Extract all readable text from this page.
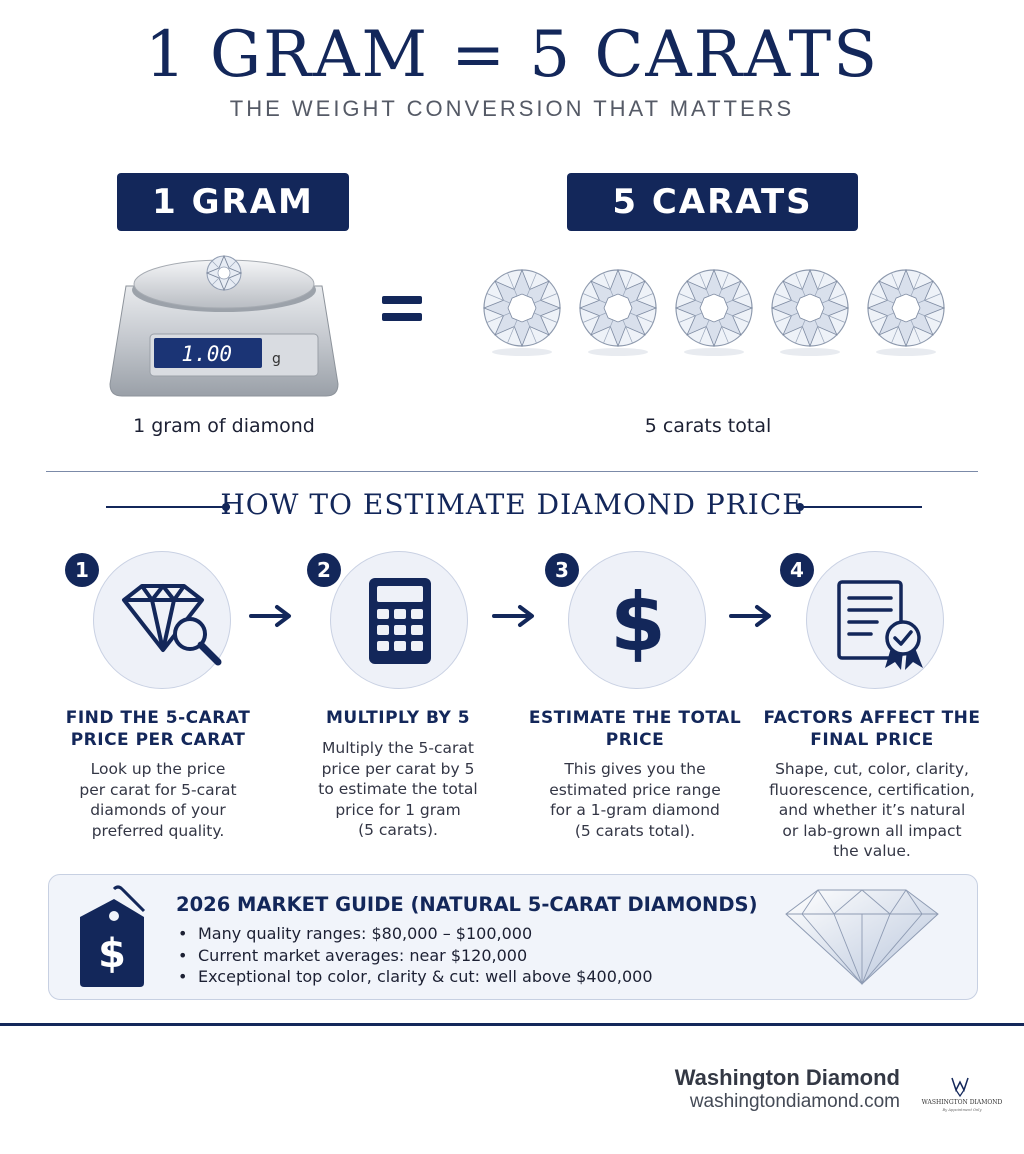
1 GRAM = 5 CARATS
THE WEIGHT CONVERSION THAT MATTERS
1 GRAM	5 CARATS
1.00	g
1 gram of diamond	5 carats total
HOW TO ESTIMATE DIAMOND PRICE
1
FIND THE 5-CARAT PRICE PER CARAT
Look up the price
per carat for 5-carat
diamonds of your
preferred quality.
2
MULTIPLY BY 5
Multiply the 5-carat
price per carat by 5
to estimate the total
price for 1 gram
(5 carats).
$
3
ESTIMATE THE TOTAL PRICE
This gives you the
estimated price range
for a 1-gram diamond
(5 carats total).
4
FACTORS AFFECT THE FINAL PRICE
Shape, cut, color, clarity,
fluorescence, certification,
and whether it’s natural
or lab-grown all impact
the value.
$
2026 MARKET GUIDE (NATURAL 5-CARAT DIAMONDS)
• Many quality ranges: $80,000 – $100,000
• Current market averages: near $120,000
• Exceptional top color, clarity & cut: well above $400,000
Washington Diamond
washingtondiamond.com	WASHINGTON DIAMOND
By Appointment Only
